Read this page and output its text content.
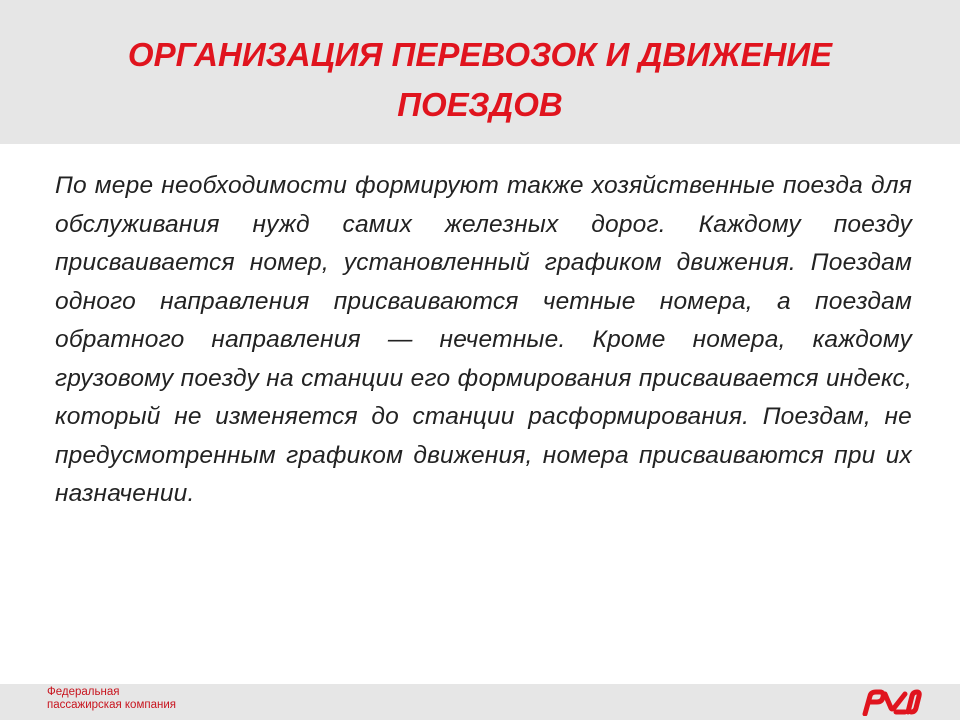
ОРГАНИЗАЦИЯ ПЕРЕВОЗОК И ДВИЖЕНИЕ ПОЕЗДОВ

По мере необходимости формируют также хозяйственные поезда для обслуживания нужд самих железных дорог. Каждому поезду присваивается номер, установленный графиком движения. Поездам одного направления присваиваются четные номера, а поездам обратного направления — нечетные. Кроме номера, каждому грузовому поезду на станции его формирования присваивается индекс, который не изменяется до станции расформирования. Поездам, не предусмотренным графиком движения, номера присваиваются при их назначении.

Федеральная
пассажирская компания
